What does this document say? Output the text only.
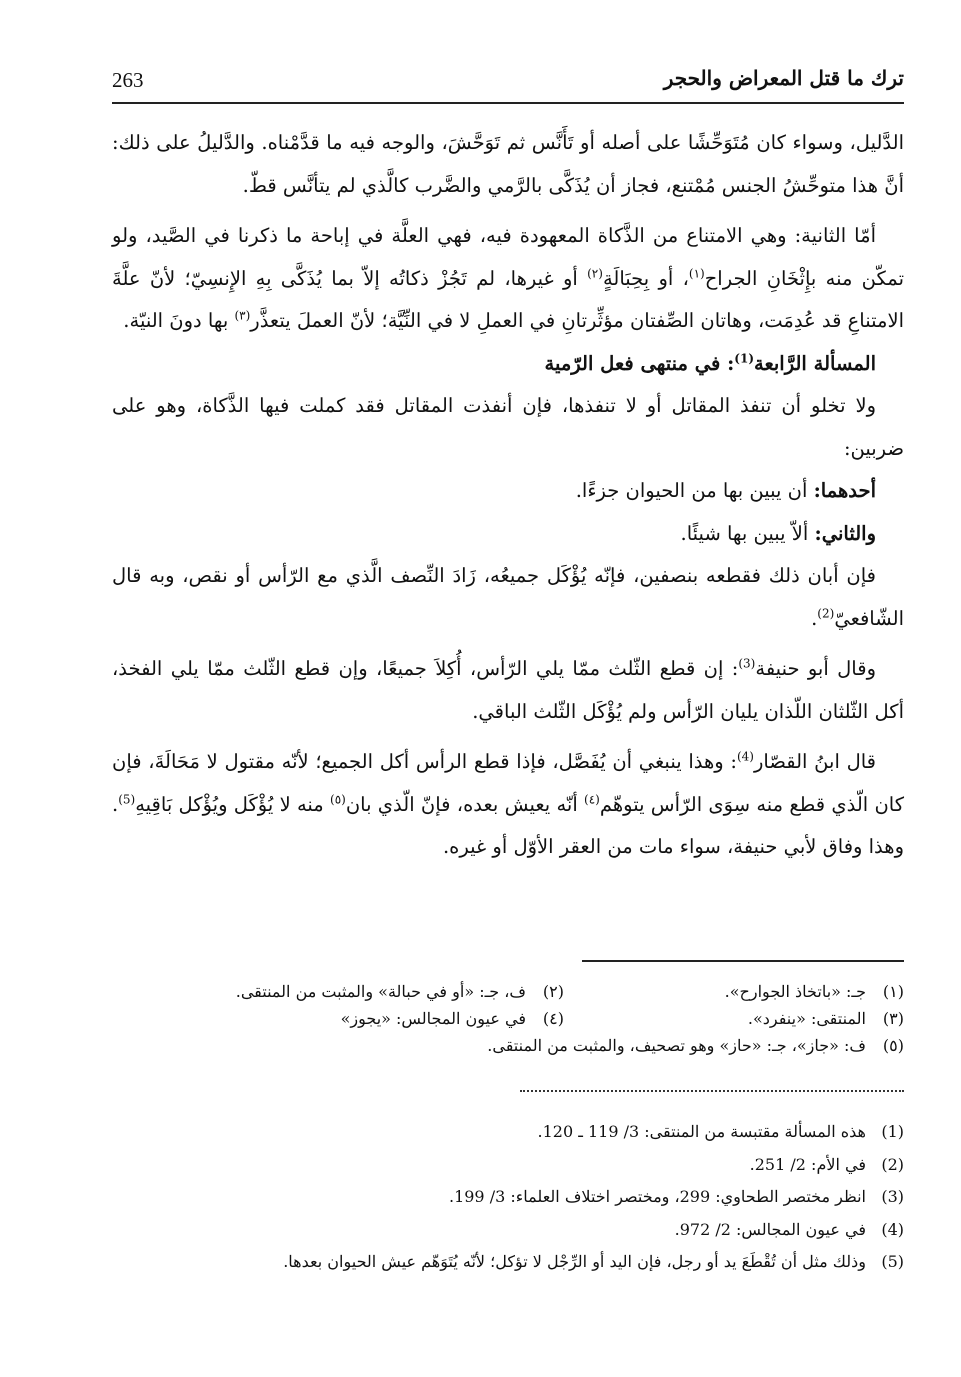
263	ترك ما قتل المعراض والحجر

الدَّليل، وسواء كان مُتَوَحِّشًا على أصله أو تَأَنَّس ثم تَوَحَّشَ، والوجه فيه ما قدَّمْناه. والدَّليلُ على ذلك: أنَّ هذا متوحِّشُ الجنس مُمْتنع، فجاز أن يُذَكَّى بالرَّمي والضَّرب كالَّذي لم يتأنَّس قطّ.

أمّا الثانية: وهي الامتناع من الذَّكاة المعهودة فيه، فهي العلَّة في إباحة ما ذكرنا في الصَّيد، ولو تمكّن منه بإِثْخَانِ الجراح$^{(١)}$، أو بِحِبَالَةٍ$^{(٢)}$ أو غيرها، لم تَجُزْ ذكاتُه إلاّ بما يُذَكَّى بِهِ الإِنسِيّ؛ لأنّ علَّةَ الامتناعِ قد عُدِمَت، وهاتان الصِّفتان مؤثِّرتانِ في العملِ لا في النِّيَّة؛ لأنّ العملَ يتعذَّر$^{(٣)}$ بها دونَ النيّة.

المسألة الرَّابعة$^{(1)}$: في منتهى فعل الرّمية

ولا تخلو أن تنفذ المقاتل أو لا تنفذها، فإن أنفذت المقاتل فقد كملت فيها الذَّكاة، وهو على ضربين:

أحدهما: أن يبين بها من الحيوان جزءًا.

والثاني: ألاّ يبين بها شيئًا.

فإن أبان ذلك فقطعه بنصفين، فإنّه يُؤْكَل جميعُه، زَادَ النِّصف الَّذي مع الرّأس أو نقص، وبه قال الشّافعيّ$^{(2)}$.

وقال أبو حنيفة$^{(3)}$: إن قطع الثّلث ممّا يلي الرّأس، أُكِلاَ جميعًا، وإن قطع الثّلث ممّا يلي الفخذ، أكل الثّلثان اللّذان يليان الرّأس ولم يُؤْكَل الثّلث الباقي.

قال ابنُ القصّار$^{(4)}$: وهذا ينبغي أن يُفَصَّل، فإذا قطع الرأس أكل الجميع؛ لأنّه مقتول لا مَحَالَةَ، فإن كان الّذي قطع منه سِوَى الرّأس يتوهّم$^{(٤)}$ أنّه يعيش بعده، فإنّ الّذي بان$^{(٥)}$ منه لا يُؤْكَل ويُؤْكل بَاقِيهِ$^{(5)}$. وهذا وفاق لأبي حنيفة، سواء مات من العقر الأوّل أو غيره.

(١)
جـ: «باتخاذ الجوارح».
(٢)
ف، جـ: «أو في حبالة» والمثبت من المنتقى.
(٣)
المنتقى: «ينفرد».
(٤)
في عيون المجالس: «يجوز»
(٥)
ف: «جاز»، جـ: «حاز» وهو تصحيف، والمثبت من المنتقى.
(1)
هذه المسألة مقتبسة من المنتقى: 3/ 119 ـ 120.
(2)
في الأم: 2/ 251.
(3)
انظر مختصر الطحاوي: 299، ومختصر اختلاف العلماء: 3/ 199.
(4)
في عيون المجالس: 2/ 972.
(5)
وذلك مثل أن تُقْطَعَ يد أو رجل، فإن اليد أو الرِّجْل لا تؤكل؛ لأنّه يُتَوَهّم عيش الحيوان بعدها.
